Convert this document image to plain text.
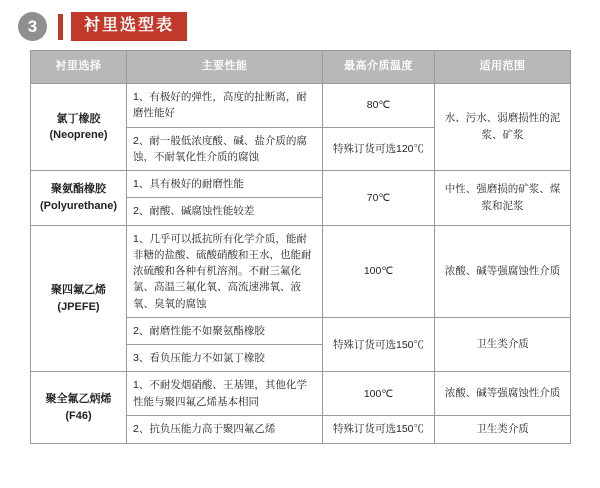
3	衬里选型表
衬里选择	主要性能	最高介质温度	适用范围

氯丁橡胶
(Neoprene)	1、有极好的弹性，高度的扯断离，耐磨性能好	80℃	水、污水、弱磨损性的泥浆、矿浆
	2、耐一般低浓度酸、碱、盐介质的腐蚀，不耐氧化性介质的腐蚀	特殊订货可选120℃	

聚氨酯橡胶
(Polyurethane)	1、具有极好的耐磨性能	70℃	中性、强磨损的矿浆、煤浆和泥浆
	2、耐酸、碱腐蚀性能较差		

聚四氟乙烯
(JPEFE)	1、几乎可以抵抗所有化学介质，能耐非糖的盐酸、硫酸硝酸和王水，也能耐浓硫酸和各种有机溶剂。不耐三氟化氯、高温三氟化氧、高流速沸氧、液氧、臭氧的腐蚀	100℃	浓酸、碱等强腐蚀性介质
	2、耐磨性能不如聚氨酯橡胶	特殊订货可选150℃	卫生类介质
	3、看负压能力不如氯丁橡胶		

聚全氟乙炳烯
(F46)	1、不耐发烟硝酸、王基锂，其他化学性能与聚四氟乙烯基本相同	100℃	浓酸、碱等强腐蚀性介质
	2、抗负压能力高于聚四氟乙烯	特殊订货可选150℃	卫生类介质
